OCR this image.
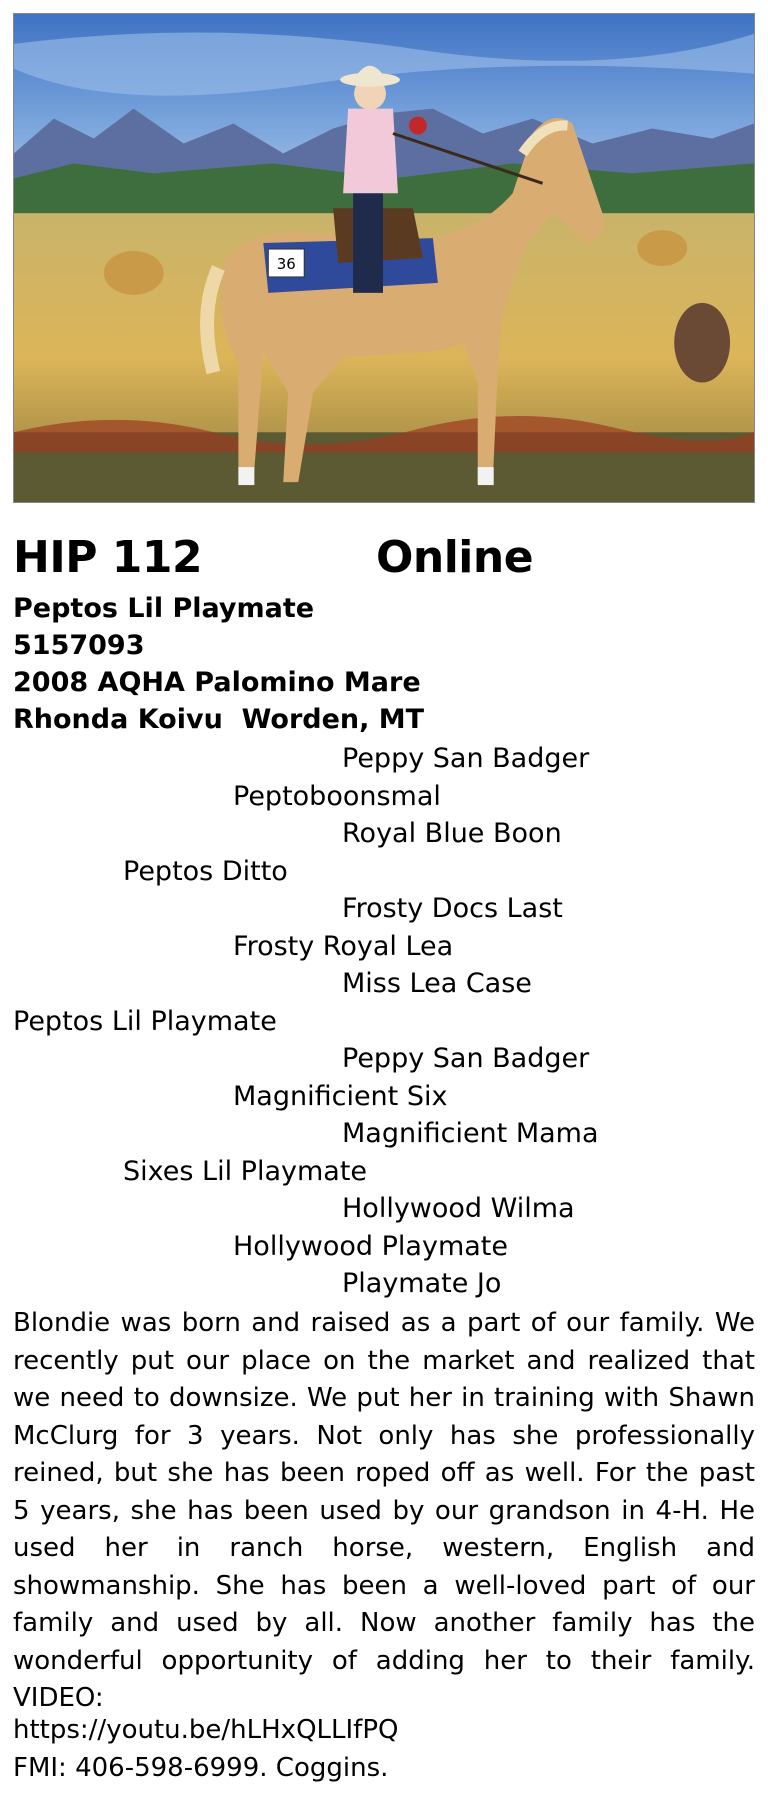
36
HIP 112	Online
Peptos Lil Playmate
5157093
2008 AQHA Palomino Mare
Rhonda Koivu  Worden, MT
Peppy San Badger
Peptoboonsmal
Royal Blue Boon
Peptos Ditto
Frosty Docs Last
Frosty Royal Lea
Miss Lea Case
Peptos Lil Playmate
Peppy San Badger
Magnificient Six
Magnificient Mama
Sixes Lil Playmate
Hollywood Wilma
Hollywood Playmate
Playmate Jo
Blondie was born and raised as a part of our family. We recently put our place on the market and realized that we need to downsize. We put her in training with Shawn McClurg for 3 years. Not only has she professionally reined, but she has been roped off as well. For the past 5 years, she has been used by our grandson in 4-H. He used her in ranch horse, western, English and showmanship. She has been a well-loved part of our family and used by all. Now another family has the wonderful opportunity of adding her to their family. VIDEO:
https://youtu.be/hLHxQLLIfPQ
FMI: 406-598-6999. Coggins.
